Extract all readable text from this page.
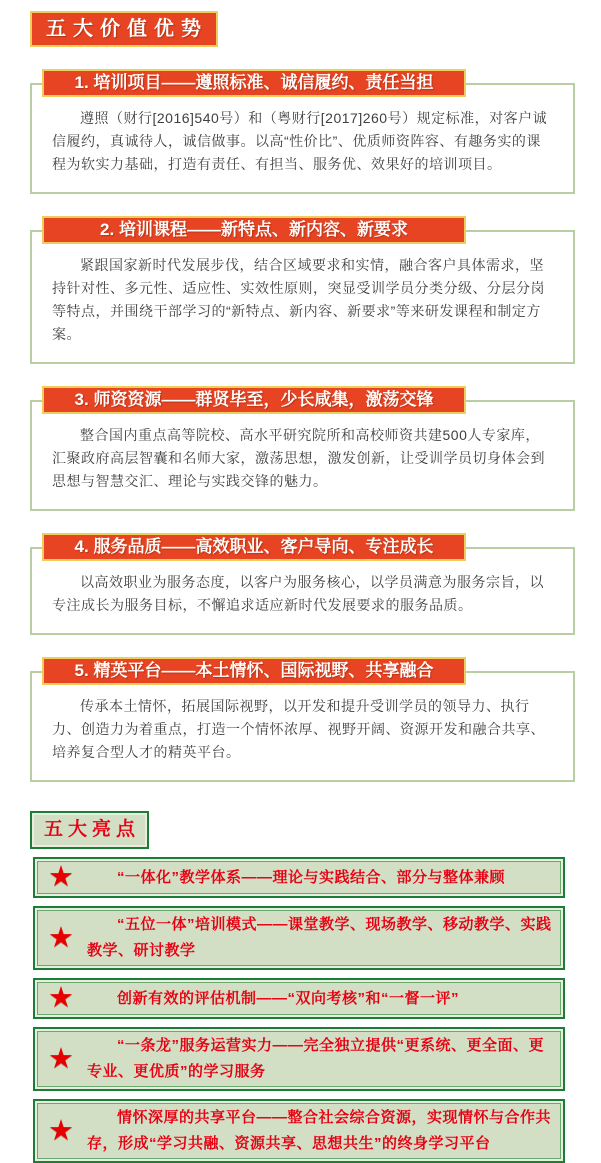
五大价值优势
1. 培训项目——遵照标准、诚信履约、责任当担

遵照（财行[2016]540号）和（粤财行[2017]260号）规定标准，对客户诚信履约，真诚待人，诚信做事。以高“性价比”、优质师资阵容、有趣务实的课程为软实力基础，打造有责任、有担当、服务优、效果好的培训项目。

2. 培训课程——新特点、新内容、新要求

紧跟国家新时代发展步伐，结合区域要求和实情，融合客户具体需求，坚持针对性、多元性、适应性、实效性原则，突显受训学员分类分级、分层分岗等特点，并围绕干部学习的“新特点、新内容、新要求”等来研发课程和制定方案。

3. 师资资源——群贤毕至，少长咸集，激荡交锋

整合国内重点高等院校、高水平研究院所和高校师资共建500人专家库，汇聚政府高层智囊和名师大家，激荡思想，激发创新，让受训学员切身体会到思想与智慧交汇、理论与实践交锋的魅力。

4. 服务品质——高效职业、客户导向、专注成长

以高效职业为服务态度，以客户为服务核心，以学员满意为服务宗旨，以专注成长为服务目标，不懈追求适应新时代发展要求的服务品质。

5. 精英平台——本土情怀、国际视野、共享融合

传承本土情怀，拓展国际视野，以开发和提升受训学员的领导力、执行力、创造力为着重点，打造一个情怀浓厚、视野开阔、资源开发和融合共享、培养复合型人才的精英平台。

五大亮点
★	“一体化”教学体系——理论与实践结合、部分与整体兼顾
★	“五位一体”培训模式——课堂教学、现场教学、移动教学、实践教学、研讨教学
★	创新有效的评估机制——“双向考核”和“一督一评”
★	“一条龙”服务运营实力——完全独立提供“更系统、更全面、更专业、更优质”的学习服务
★	情怀深厚的共享平台——整合社会综合资源，实现情怀与合作共存，形成“学习共融、资源共享、思想共生”的终身学习平台
